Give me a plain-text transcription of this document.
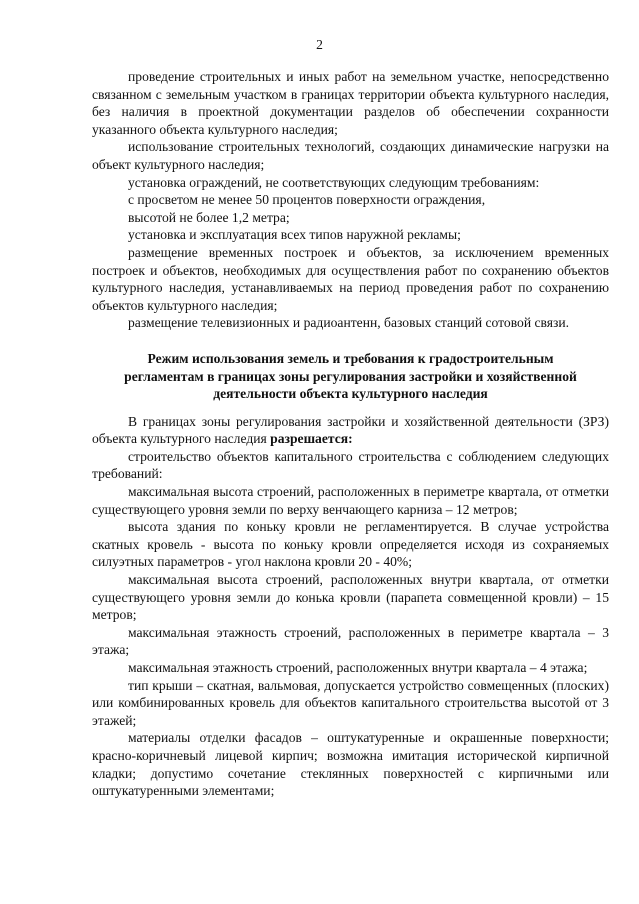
2

проведение строительных и иных работ на земельном участке, непосредственно связанном с земельным участком в границах территории объекта культурного наследия, без наличия в проектной документации разделов об обеспечении сохранности указанного объекта культурного наследия;

использование строительных технологий, создающих динамические нагрузки на объект культурного наследия;

установка ограждений, не соответствующих следующим требованиям:

с просветом не менее 50 процентов поверхности ограждения,

высотой не более 1,2 метра;

установка и эксплуатация всех типов наружной рекламы;

размещение временных построек и объектов, за исключением временных построек и объектов, необходимых для осуществления работ по сохранению объектов культурного наследия, устанавливаемых на период проведения работ по сохранению объектов культурного наследия;

размещение телевизионных и радиоантенн, базовых станций сотовой связи.

Режим использования земель и требования к градостроительным
регламентам в границах зоны регулирования застройки и хозяйственной
деятельности объекта культурного наследия

В границах зоны регулирования застройки и хозяйственной деятельности (ЗРЗ) объекта культурного наследия разрешается:

строительство объектов капитального строительства с соблюдением следующих требований:

максимальная высота строений, расположенных в периметре квартала, от отметки существующего уровня земли по верху венчающего карниза – 12 метров;

высота здания по коньку кровли не регламентируется. В случае устройства скатных кровель - высота по коньку кровли определяется исходя из сохраняемых силуэтных параметров - угол наклона кровли 20 - 40%;

максимальная высота строений, расположенных внутри квартала, от отметки существующего уровня земли до конька кровли (парапета совмещенной кровли) – 15 метров;

максимальная этажность строений, расположенных в периметре квартала – 3 этажа;

максимальная этажность строений, расположенных внутри квартала – 4 этажа;

тип крыши – скатная, вальмовая, допускается устройство совмещенных (плоских) или комбинированных кровель для объектов капитального строительства высотой от 3 этажей;

материалы отделки фасадов – оштукатуренные и окрашенные поверхности; красно-коричневый лицевой кирпич; возможна имитация исторической кирпичной кладки; допустимо сочетание стеклянных поверхностей с кирпичными или оштукатуренными элементами;
